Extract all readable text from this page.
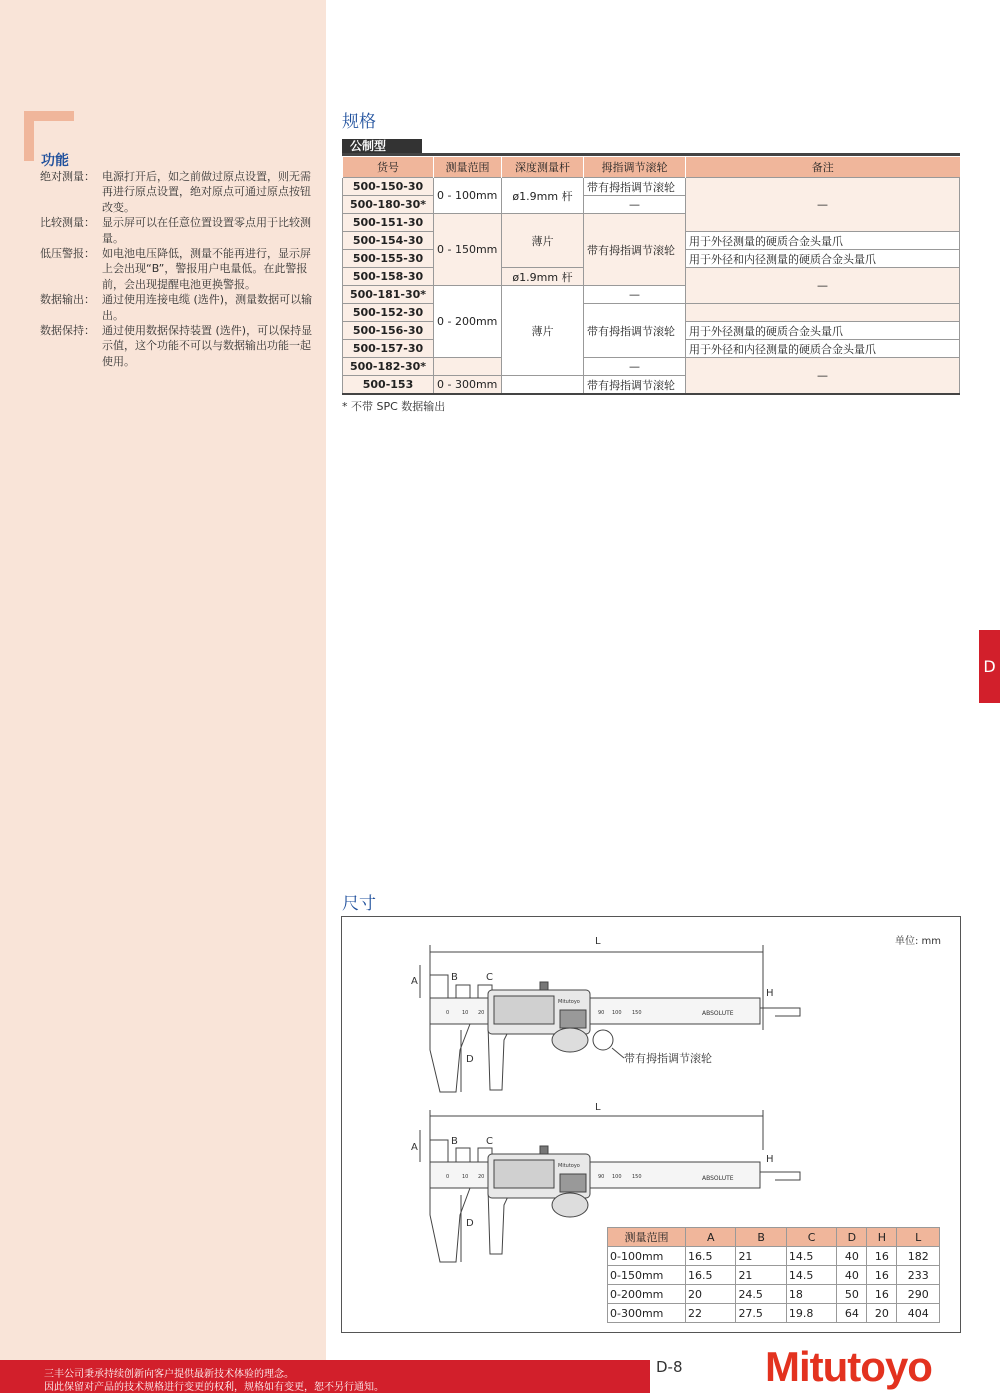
功能
绝对测量： 电源打开后，如之前做过原点设置，则无需再进行原点设置，绝对原点可通过原点按钮改变。
比较测量： 显示屏可以在任意位置设置零点用于比较测量。
低压警报： 如电池电压降低，测量不能再进行，显示屏上会出现“B”，警报用户电量低。在此警报前，会出现提醒电池更换警报。
数据输出： 通过使用连接电缆 (选件)，测量数据可以输出。
数据保持： 通过使用数据保持装置 (选件)，可以保持显示值，这个功能不可以与数据输出功能一起使用。
规格
公制型
货号	测量范围	深度测量杆	拇指调节滚轮	备注
500-150-30	0 - 100mm	ø1.9mm 杆	带有拇指调节滚轮	—
500-180-30*			—	
500-151-30	0 - 150mm	薄片	带有拇指调节滚轮	
500-154-30				用于外径测量的硬质合金头量爪
500-155-30				用于外径和内径测量的硬质合金头量爪
500-158-30		ø1.9mm 杆		—
500-181-30*	0 - 200mm	薄片	—	
500-152-30			带有拇指调节滚轮	
500-156-30				用于外径测量的硬质合金头量爪
500-157-30				用于外径和内径测量的硬质合金头量爪
500-182-30*			—	—
500-153	0 - 300mm		带有拇指调节滚轮	
* 不带 SPC 数据输出
尺寸
单位: mm
L
A	B	C
D
H
0	10 20	90 100 150
Mitutoyo
ABSOLUTE
带有拇指调节滚轮
L
A
B	C
D
H
0	10 20	90 100 150
Mitutoyo
ABSOLUTE
测量范围	A	B	C	D	H	L
0-100mm	16.5	21	14.5	40	16	182
0-150mm	16.5	21	14.5	40	16	233
0-200mm	20	24.5	18	50	16	290
0-300mm	22	27.5	19.8	64	20	404
D
三丰公司秉承持续创新向客户提供最新技术体验的理念。
因此保留对产品的技术规格进行变更的权利，规格如有变更，恕不另行通知。
D-8 Mitutoyo
